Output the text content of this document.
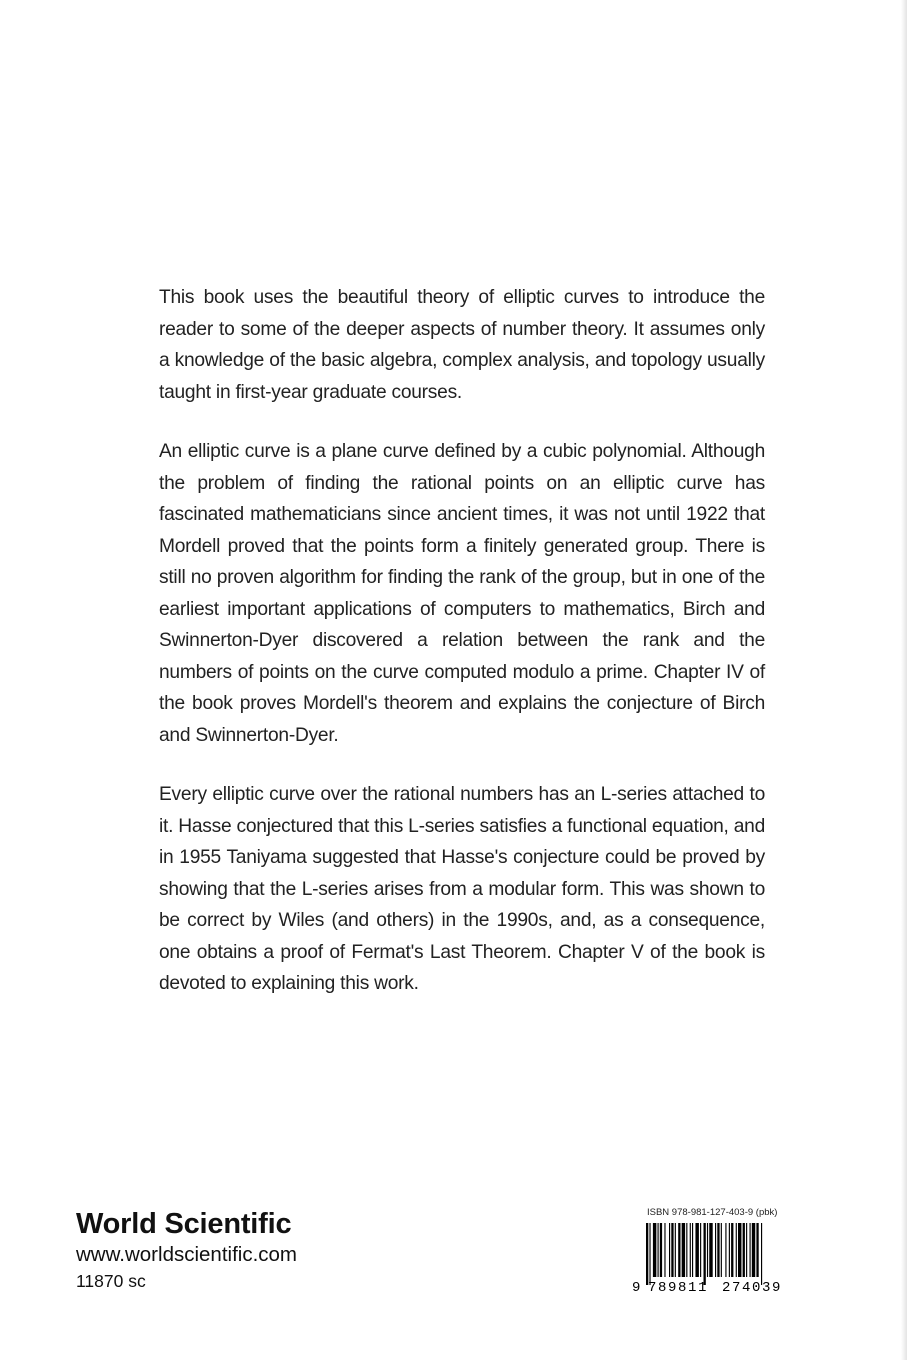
This book uses the beautiful theory of elliptic curves to introduce the reader to some of the deeper aspects of number theory. It assumes only a knowledge of the basic algebra, complex analysis, and topology usually taught in first-year graduate courses.

An elliptic curve is a plane curve defined by a cubic polynomial. Although the problem of finding the rational points on an elliptic curve has fascinated mathematicians since ancient times, it was not until 1922 that Mordell proved that the points form a finitely generated group. There is still no proven algorithm for finding the rank of the group, but in one of the earliest important applications of computers to mathematics, Birch and Swinnerton-Dyer discovered a relation between the rank and the numbers of points on the curve computed modulo a prime. Chapter IV of the book proves Mordell's theorem and explains the conjecture of Birch and Swinnerton-Dyer.

Every elliptic curve over the rational numbers has an L-series attached to it. Hasse conjectured that this L-series satisfies a functional equation, and in 1955 Taniyama suggested that Hasse's conjecture could be proved by showing that the L-series arises from a modular form. This was shown to be correct by Wiles (and others) in the 1990s, and, as a consequence, one obtains a proof of Fermat's Last Theorem. Chapter V of the book is devoted to explaining this work.

World Scientific
www.worldscientific.com
11870 sc
ISBN 978-981-127-403-9 (pbk)
9 789811 274039
